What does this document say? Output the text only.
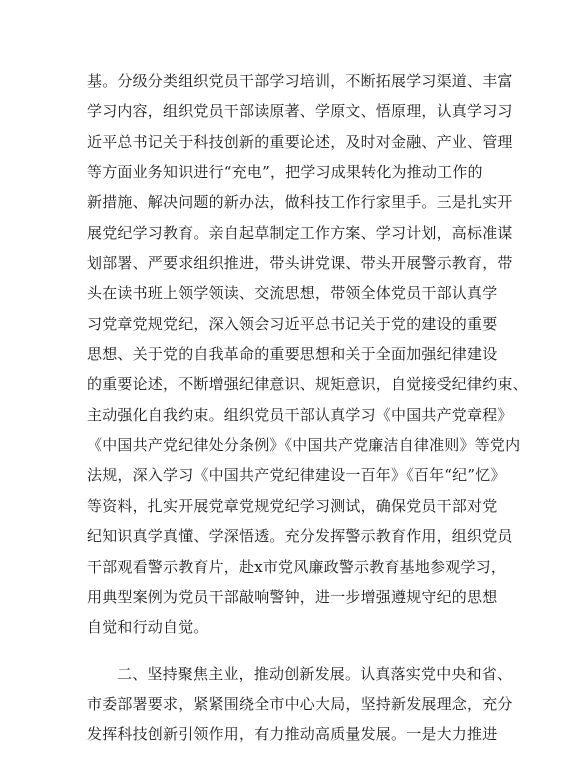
基。分级分类组织党员干部学习培训，不断拓展学习渠道、丰富
学习内容，组织党员干部读原著、学原文、悟原理，认真学习习
近平总书记关于科技创新的重要论述，及时对金融、产业、管理
等方面业务知识进行“充电”，把学习成果转化为推动工作的
新措施、解决问题的新办法，做科技工作行家里手。三是扎实开
展党纪学习教育。亲自起草制定工作方案、学习计划，高标准谋
划部署、严要求组织推进，带头讲党课、带头开展警示教育，带
头在读书班上领学领读、交流思想，带领全体党员干部认真学
习党章党规党纪，深入领会习近平总书记关于党的建设的重要
思想、关于党的自我革命的重要思想和关于全面加强纪律建设
的重要论述，不断增强纪律意识、规矩意识，自觉接受纪律约束、
主动强化自我约束。组织党员干部认真学习《中国共产党章程》
《中国共产党纪律处分条例》《中国共产党廉洁自律准则》等党内
法规，深入学习《中国共产党纪律建设一百年》《百年“纪”忆》
等资料，扎实开展党章党规党纪学习测试，确保党员干部对党
纪知识真学真懂、学深悟透。充分发挥警示教育作用，组织党员
干部观看警示教育片，赴x市党风廉政警示教育基地参观学习，
用典型案例为党员干部敲响警钟，进一步增强遵规守纪的思想
自觉和行动自觉。
二、坚持聚焦主业，推动创新发展。认真落实党中央和省、
市委部署要求，紧紧围绕全市中心大局，坚持新发展理念，充分
发挥科技创新引领作用，有力推动高质量发展。一是大力推进
